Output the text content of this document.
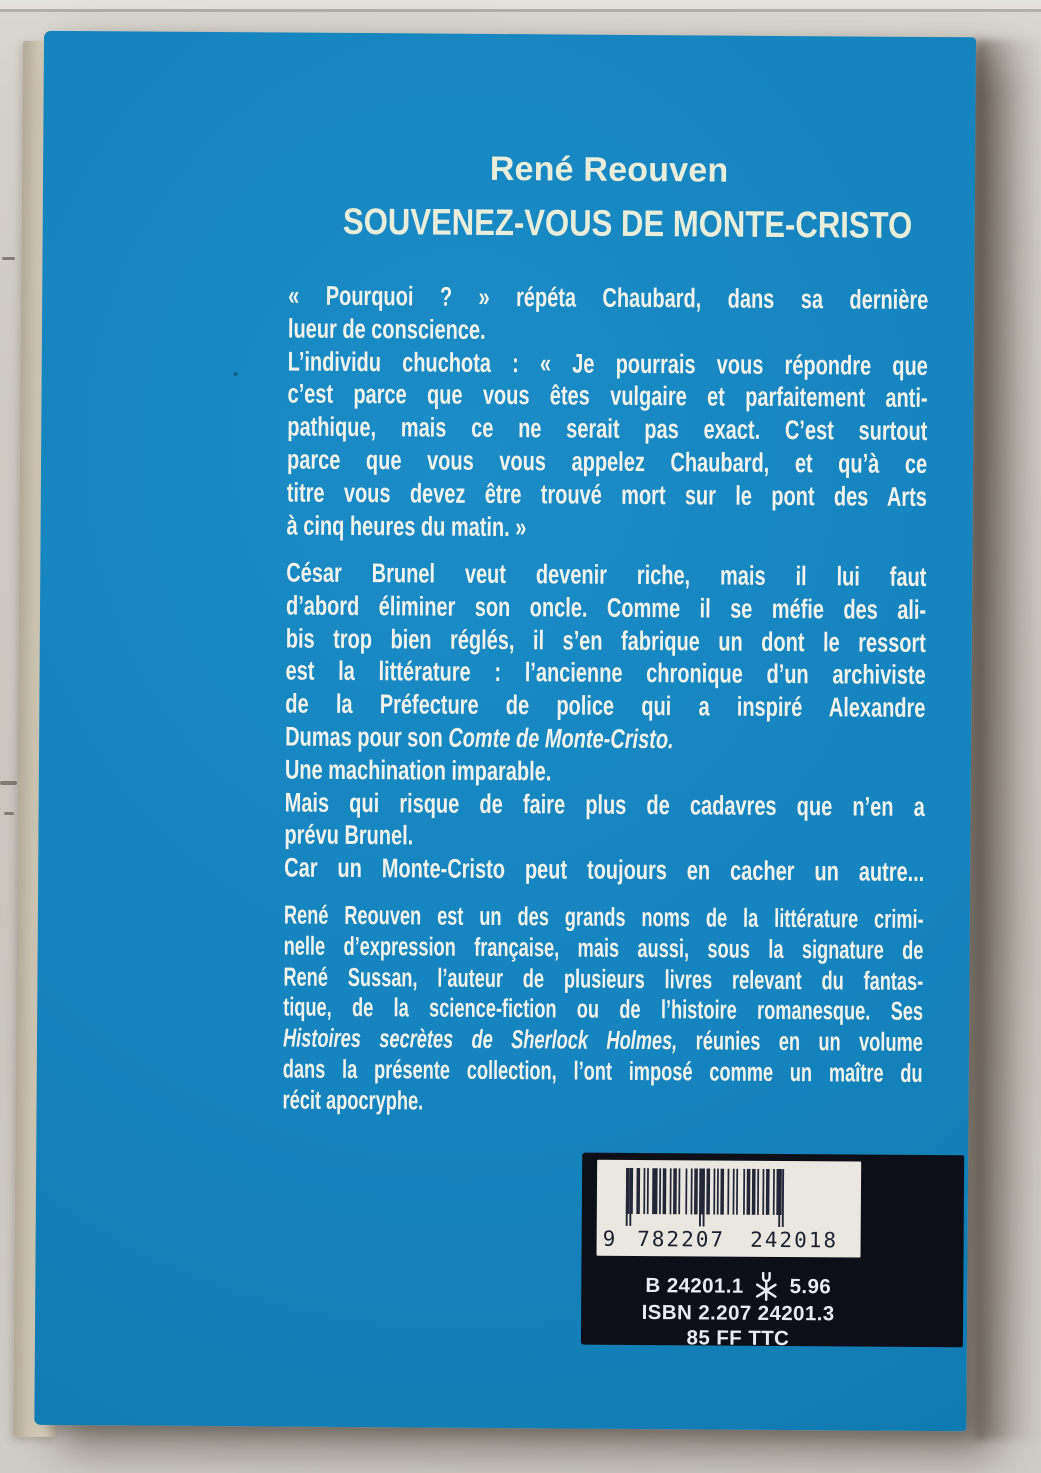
René Reouven
SOUVENEZ-VOUS DE MONTE-CRISTO
« Pourquoi ? » répéta Chaubard, dans sa dernière
lueur de conscience.
L’individu chuchota : « Je pourrais vous répondre que
c’est parce que vous êtes vulgaire et parfaitement anti-
pathique, mais ce ne serait pas exact. C’est surtout
parce que vous vous appelez Chaubard, et qu’à ce
titre vous devez être trouvé mort sur le pont des Arts
à cinq heures du matin. »
César Brunel veut devenir riche, mais il lui faut
d’abord éliminer son oncle. Comme il se méfie des ali-
bis trop bien réglés, il s’en fabrique un dont le ressort
est la littérature : l’ancienne chronique d’un archiviste
de la Préfecture de police qui a inspiré Alexandre
Dumas pour son Comte de Monte-Cristo.
Une machination imparable.
Mais qui risque de faire plus de cadavres que n’en a
prévu Brunel.
Car un Monte-Cristo peut toujours en cacher un autre...
René Reouven est un des grands noms de la littérature crimi-
nelle d’expression française, mais aussi, sous la signature de
René Sussan, l’auteur de plusieurs livres relevant du fantas-
tique, de la science-fiction ou de l’histoire romanesque. Ses
Histoires secrètes de Sherlock Holmes, réunies en un volume
dans la présente collection, l’ont imposé comme un maître du
récit apocryphe.
9 782207	242018
B 24201.1 5.96
ISBN 2.207 24201.3
85 FF TTC
